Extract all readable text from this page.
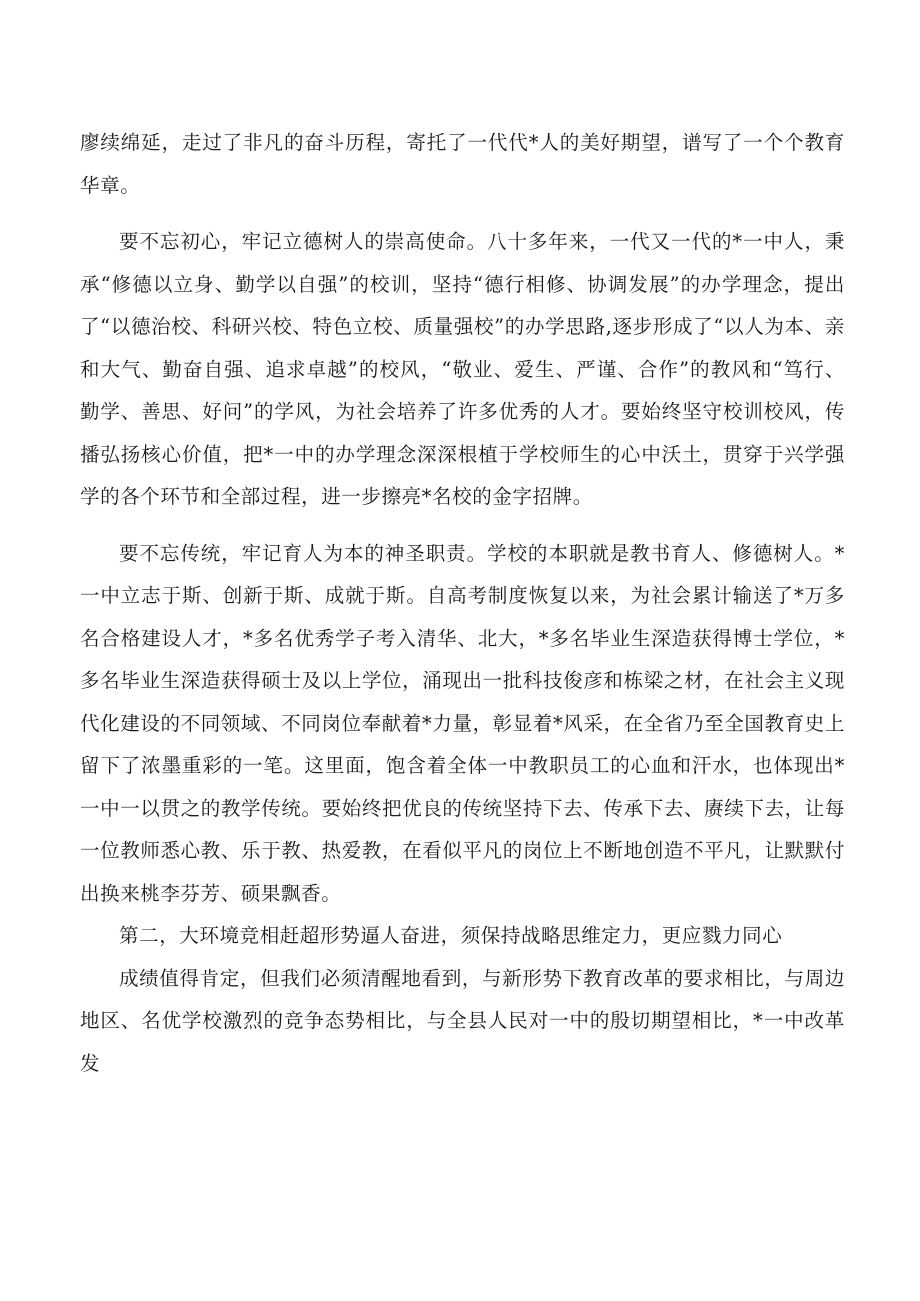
廖续绵延，走过了非凡的奋斗历程，寄托了一代代*人的美好期望，谱写了一个个教育华章。

要不忘初心，牢记立德树人的崇高使命。八十多年来，一代又一代的*一中人，秉承“修德以立身、勤学以自强”的校训，坚持“德行相修、协调发展”的办学理念，提出了“以德治校、科研兴校、特色立校、质量强校”的办学思路,逐步形成了“以人为本、亲和大气、勤奋自强、追求卓越”的校风，“敬业、爱生、严谨、合作”的教风和“笃行、勤学、善思、好问”的学风，为社会培养了许多优秀的人才。要始终坚守校训校风，传播弘扬核心价值，把*一中的办学理念深深根植于学校师生的心中沃土，贯穿于兴学强学的各个环节和全部过程，进一步擦亮*名校的金字招牌。

要不忘传统，牢记育人为本的神圣职责。学校的本职就是教书育人、修德树人。*一中立志于斯、创新于斯、成就于斯。自高考制度恢复以来，为社会累计输送了*万多名合格建设人才，*多名优秀学子考入清华、北大，*多名毕业生深造获得博士学位，*多名毕业生深造获得硕士及以上学位，涌现出一批科技俊彦和栋梁之材，在社会主义现代化建设的不同领域、不同岗位奉献着*力量，彰显着*风采，在全省乃至全国教育史上留下了浓墨重彩的一笔。这里面，饱含着全体一中教职员工的心血和汗水，也体现出*一中一以贯之的教学传统。要始终把优良的传统坚持下去、传承下去、赓续下去，让每一位教师悉心教、乐于教、热爱教，在看似平凡的岗位上不断地创造不平凡，让默默付出换来桃李芬芳、硕果飘香。

第二，大环境竞相赶超形势逼人奋进，须保持战略思维定力，更应戮力同心

成绩值得肯定，但我们必须清醒地看到，与新形势下教育改革的要求相比，与周边地区、名优学校激烈的竞争态势相比，与全县人民对一中的殷切期望相比，*一中改革发
